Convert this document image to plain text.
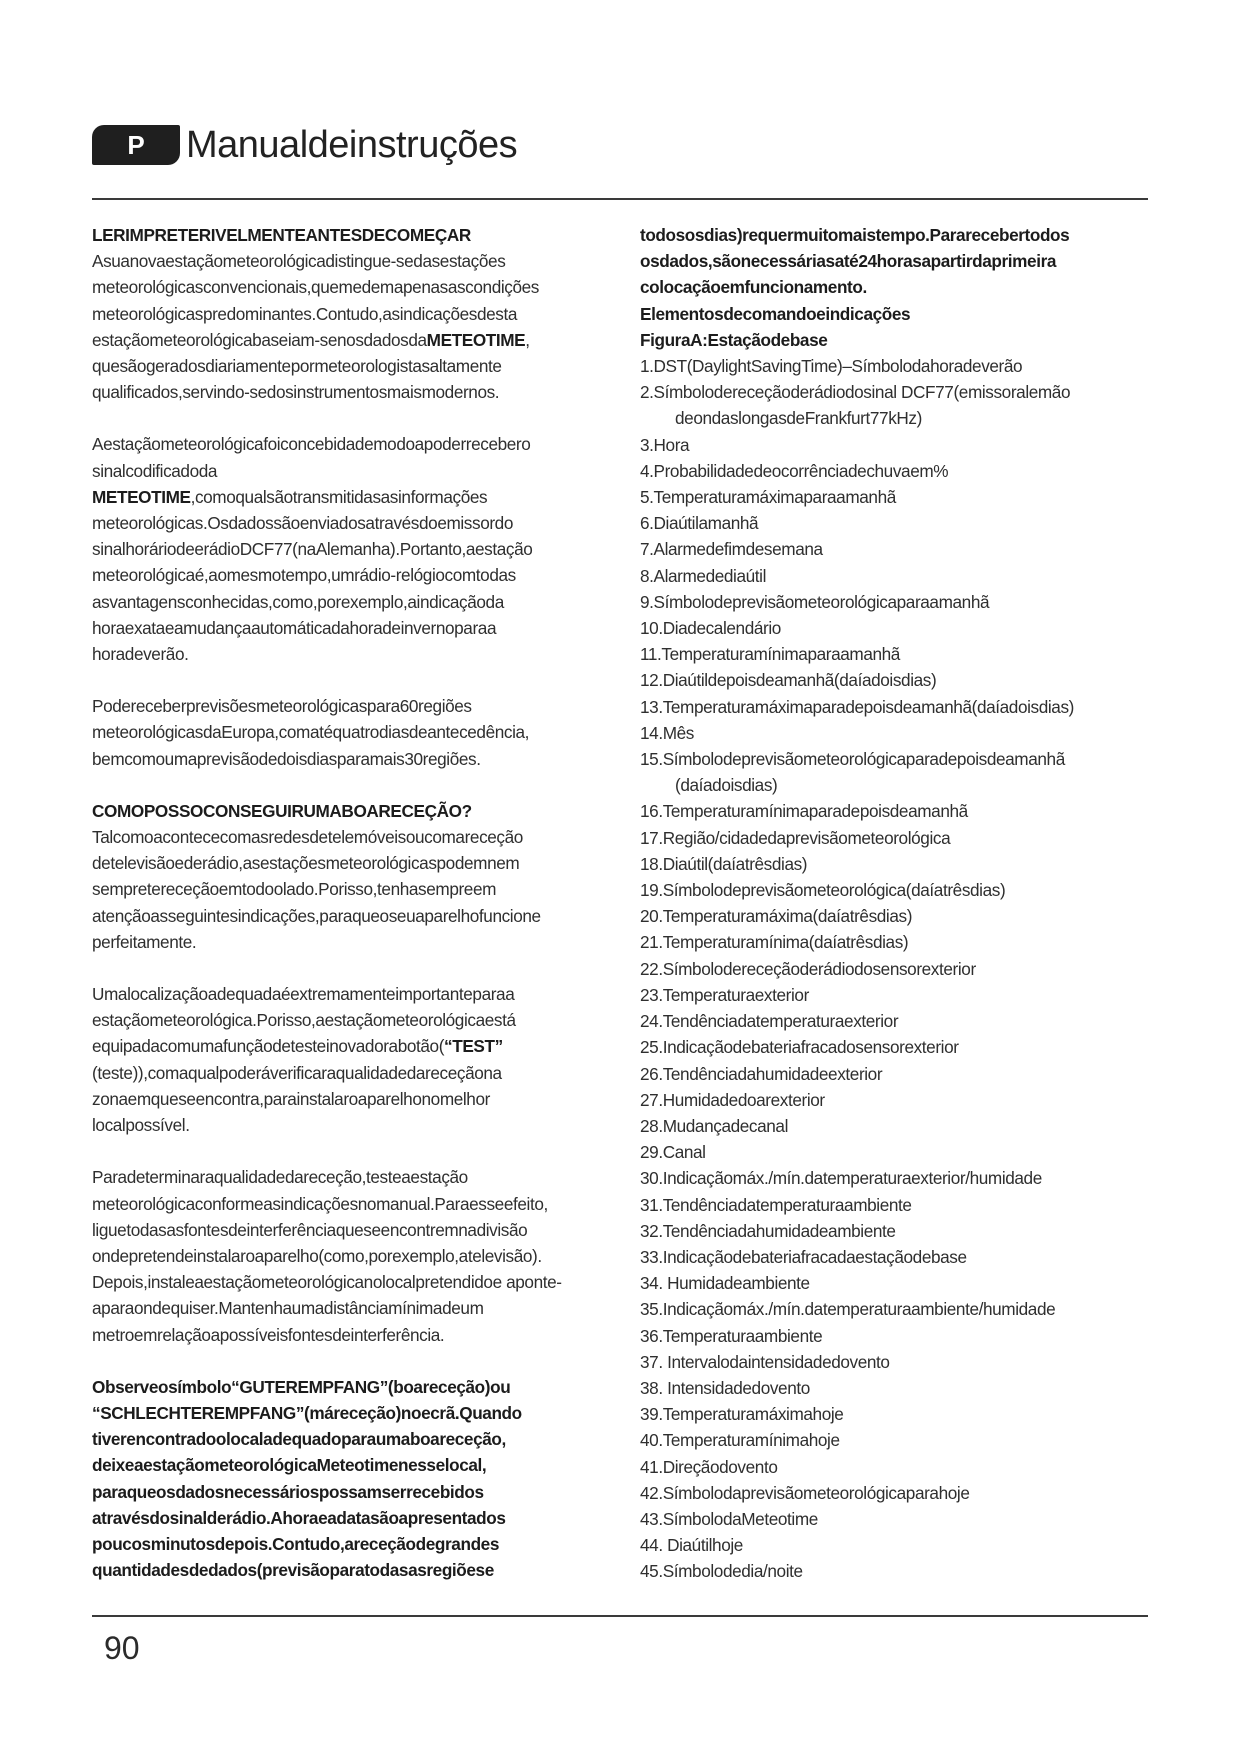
P	Manualdeinstruções

LERIMPRETERIVELMENTEANTESDECOMEÇAR

Asuanovaestaçãometeorológicadistingue-sedasestações meteorológicasconvencionais,quemedemapenasascondições meteorológicaspredominantes.Contudo,asindicaçõesdesta estaçãometeorológicabaseiam-senosdadosdaMETEOTIME, quesãogeradosdiariamentepormeteorologistasaltamente qualificados,servindo-sedosinstrumentosmaismodernos.

Aestaçãometeorológicafoiconcebidademodoapoderrecebero sinalcodificadoda
METEOTIME,comoqualsãotransmitidasasinformações meteorológicas.Osdadossãoenviadosatravésdoemissordo sinalhoráriodeerádioDCF77(naAlemanha).Portanto,aestação meteorológicaé,aomesmotempo,umrádio-relógiocomtodas asvantagensconhecidas,como,porexemplo,aindicaçãoda horaexataeamudançaautomáticadahoradeinvernoparaa horadeverão.

Podereceberprevisõesmeteorológicaspara60regiões meteorológicasdaEuropa,comatéquatrodiasdeantecedência, bemcomoumaprevisãodedoisdiasparamais30regiões.

COMOPOSSOCONSEGUIRUMABOARECEÇÃO?

Talcomoacontececomasredesdetelemóveisoucomareceção detelevisãoederádio,asestaçõesmeteorológicaspodemnem sempretereceçãoemtodoolado.Porisso,tenhasempreem atençãoasseguintesindicações,paraqueoseuaparelhofuncione perfeitamente.

Umalocalizaçãoadequadaéextremamenteimportanteparaa estaçãometeorológica.Porisso,aestaçãometeorológicaestá equipadacomumafunçãodetesteinovadorabotão(“TEST” (teste)),comaqualpoderáverificaraqualidadedareceçãona zonaemqueseencontra,parainstalaroaparelhonomelhor localpossível.

Paradeterminaraqualidadedareceção,testeaestação meteorológicaconformeasindicaçõesnomanual.Paraesseefeito, liguetodasasfontesdeinterferênciaqueseencontremnadivisão ondepretendeinstalaroaparelho(como,porexemplo,atelevisão). Depois,instaleaestaçãometeorológicanolocalpretendidoe aponte-aparaondequiser.Mantenhaumadistânciamínimadeum metroemrelaçãoapossíveisfontesdeinterferência.

Observeosímbolo“GUTEREMPFANG”(boareceção)ou “SCHLECHTEREMPFANG”(máreceção)noecrã.Quando tiverencontradoolocaladequadoparaumaboareceção, deixeaestaçãometeorológicaMeteotimenesselocal, paraqueosdadosnecessáriospossamserrecebidos atravésdosinalderádio.Ahoraeadatasãoapresentados poucosminutosdepois.Contudo,areceçãodegrandes quantidadesdedados(previsãoparatodasasregiõese

todososdias)requermuitomaistempo.Pararecebertodos osdados,sãonecessáriasaté24horasapartirdaprimeira colocaçãoemfuncionamento.

Elementosdecomandoeindicações

FiguraA:Estaçãodebase

1.DST(DaylightSavingTime)–Símbolodahoradeverão
2.Símbolodereceçãoderádiodosinal DCF77(emissoralemão
deondaslongasdeFrankfurt77kHz)
3.Hora
4.Probabilidadedeocorrênciadechuvaem%
5.Temperaturamáximaparaamanhã
6.Diaútilamanhã
7.Alarmedefimdesemana
8.Alarmedediaútil
9.Símbolodeprevisãometeorológicaparaamanhã
10.Diadecalendário
11.Temperaturamínimaparaamanhã
12.Diaútildepoisdeamanhã(daíadoisdias)
13.Temperaturamáximaparadepoisdeamanhã(daíadoisdias)
14.Mês
15.Símbolodeprevisãometeorológicaparadepoisdeamanhã
(daíadoisdias)
16.Temperaturamínimaparadepoisdeamanhã
17.Região/cidadedaprevisãometeorológica
18.Diaútil(daíatrêsdias)
19.Símbolodeprevisãometeorológica(daíatrêsdias)
20.Temperaturamáxima(daíatrêsdias)
21.Temperaturamínima(daíatrêsdias)
22.Símbolodereceçãoderádiodosensorexterior
23.Temperaturaexterior
24.Tendênciadatemperaturaexterior
25.Indicaçãodebateriafracadosensorexterior
26.Tendênciadahumidadeexterior
27.Humidadedoarexterior
28.Mudançadecanal
29.Canal
30.Indicaçãomáx./mín.datemperaturaexterior/humidade
31.Tendênciadatemperaturaambiente
32.Tendênciadahumidadeambiente
33.Indicaçãodebateriafracadaestaçãodebase
34. Humidadeambiente
35.Indicaçãomáx./mín.datemperaturaambiente/humidade
36.Temperaturaambiente
37. Intervalodaintensidadedovento
38. Intensidadedovento
39.Temperaturamáximahoje
40.Temperaturamínimahoje
41.Direçãodovento
42.Símbolodaprevisãometeorológicaparahoje
43.SímbolodaMeteotime
44. Diaútilhoje
45.Símbolodedia/noite
90
